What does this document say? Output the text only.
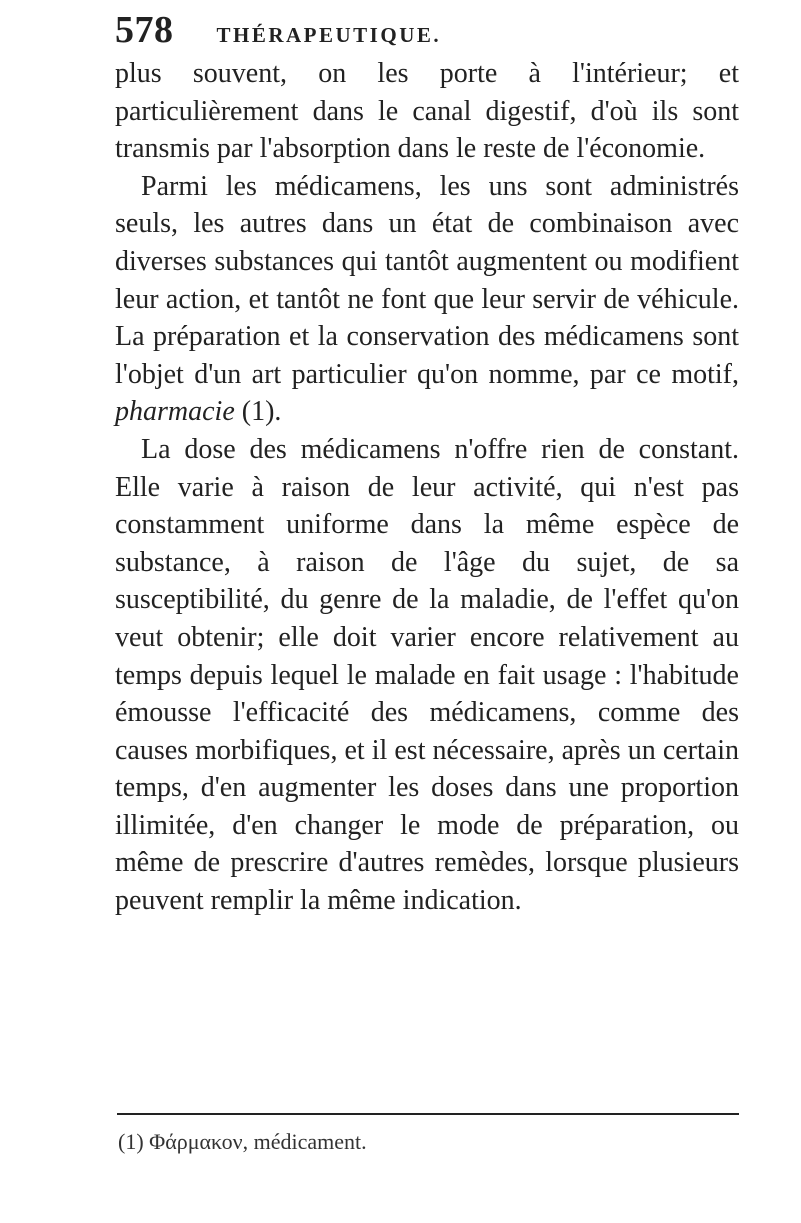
578 THÉRAPEUTIQUE.

plus souvent, on les porte à l'intérieur; et particulièrement dans le canal digestif, d'où ils sont transmis par l'absorption dans le reste de l'économie.

Parmi les médicamens, les uns sont administrés seuls, les autres dans un état de combinaison avec diverses substances qui tantôt augmentent ou modifient leur action, et tantôt ne font que leur servir de véhicule. La préparation et la conservation des médicamens sont l'objet d'un art particulier qu'on nomme, par ce motif, pharmacie (1).

La dose des médicamens n'offre rien de constant. Elle varie à raison de leur activité, qui n'est pas constamment uniforme dans la même espèce de substance, à raison de l'âge du sujet, de sa susceptibilité, du genre de la maladie, de l'effet qu'on veut obtenir; elle doit varier encore relativement au temps depuis lequel le malade en fait usage : l'habitude émousse l'efficacité des médicamens, comme des causes morbifiques, et il est nécessaire, après un certain temps, d'en augmenter les doses dans une proportion illimitée, d'en changer le mode de préparation, ou même de prescrire d'autres remèdes, lorsque plusieurs peuvent remplir la même indication.

(1) Φάρμακον, médicament.
